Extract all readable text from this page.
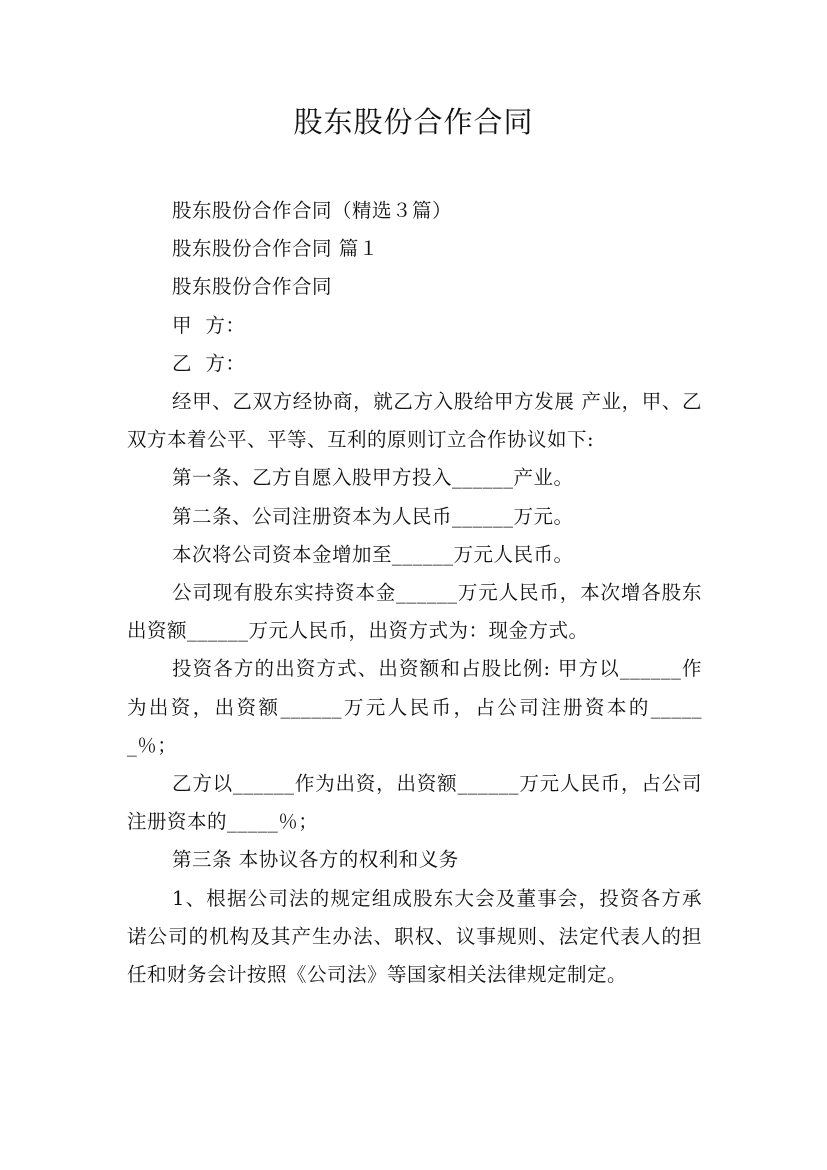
股东股份合作合同

股东股份合作合同（精选３篇）

股东股份合作合同 篇１

股东股份合作合同

甲  方：

乙  方：

经甲、乙双方经协商，就乙方入股给甲方发展 产业，甲、乙双方本着公平、平等、互利的原则订立合作协议如下:

第一条、乙方自愿入股甲方投入______产业。

第二条、公司注册资本为人民币______万元。

本次将公司资本金增加至______万元人民币。

公司现有股东实持资本金______万元人民币，本次增各股东出资额______万元人民币，出资方式为：现金方式。

投资各方的出资方式、出资额和占股比例: 甲方以______作为出资，出资额______万元人民币，占公司注册资本的______％；

乙方以______作为出资，出资额______万元人民币，占公司注册资本的_____％；

第三条 本协议各方的权利和义务

1、根据公司法的规定组成股东大会及董事会，投资各方承诺公司的机构及其产生办法、职权、议事规则、法定代表人的担任和财务会计按照《公司法》等国家相关法律规定制定。
